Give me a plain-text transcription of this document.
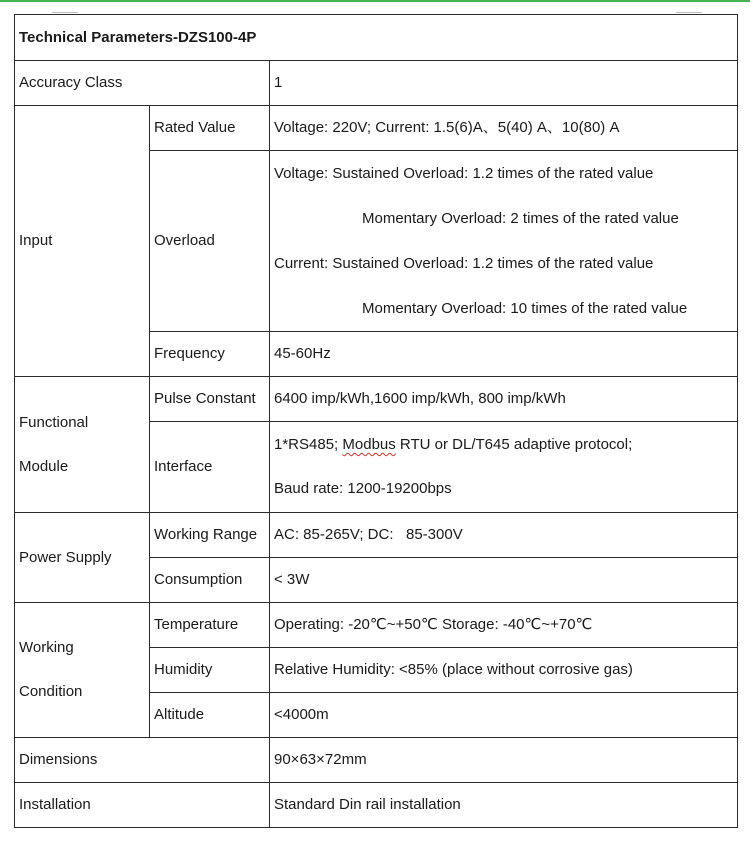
Technical Parameters-DZS100-4P		
Accuracy Class		1
Input	Rated Value	Voltage: 220V; Current: 1.5(6)A、5(40) A、10(80) A
	Overload	Voltage: Sustained Overload: 1.2 times of the rated value
Momentary Overload: 2 times of the rated value
Current: Sustained Overload: 1.2 times of the rated value
Momentary Overload: 10 times of the rated value

	Frequency	45-60Hz

Functional
Module	Pulse Constant	6400 imp/kWh,1600 imp/kWh, 800 imp/kWh
	Interface	1*RS485; Modbus RTU or DL/T645 adaptive protocol;
Baud rate: 1200-19200bps

Power Supply	Working Range	AC: 85-265V; DC:   85-300V
	Consumption	< 3W

Working
Condition	Temperature	Operating: -20℃~+50℃ Storage: -40℃~+70℃
	Humidity	Relative Humidity: <85% (place without corrosive gas)
	Altitude	<4000m
Dimensions		90×63×72mm
Installation		Standard Din rail installation
